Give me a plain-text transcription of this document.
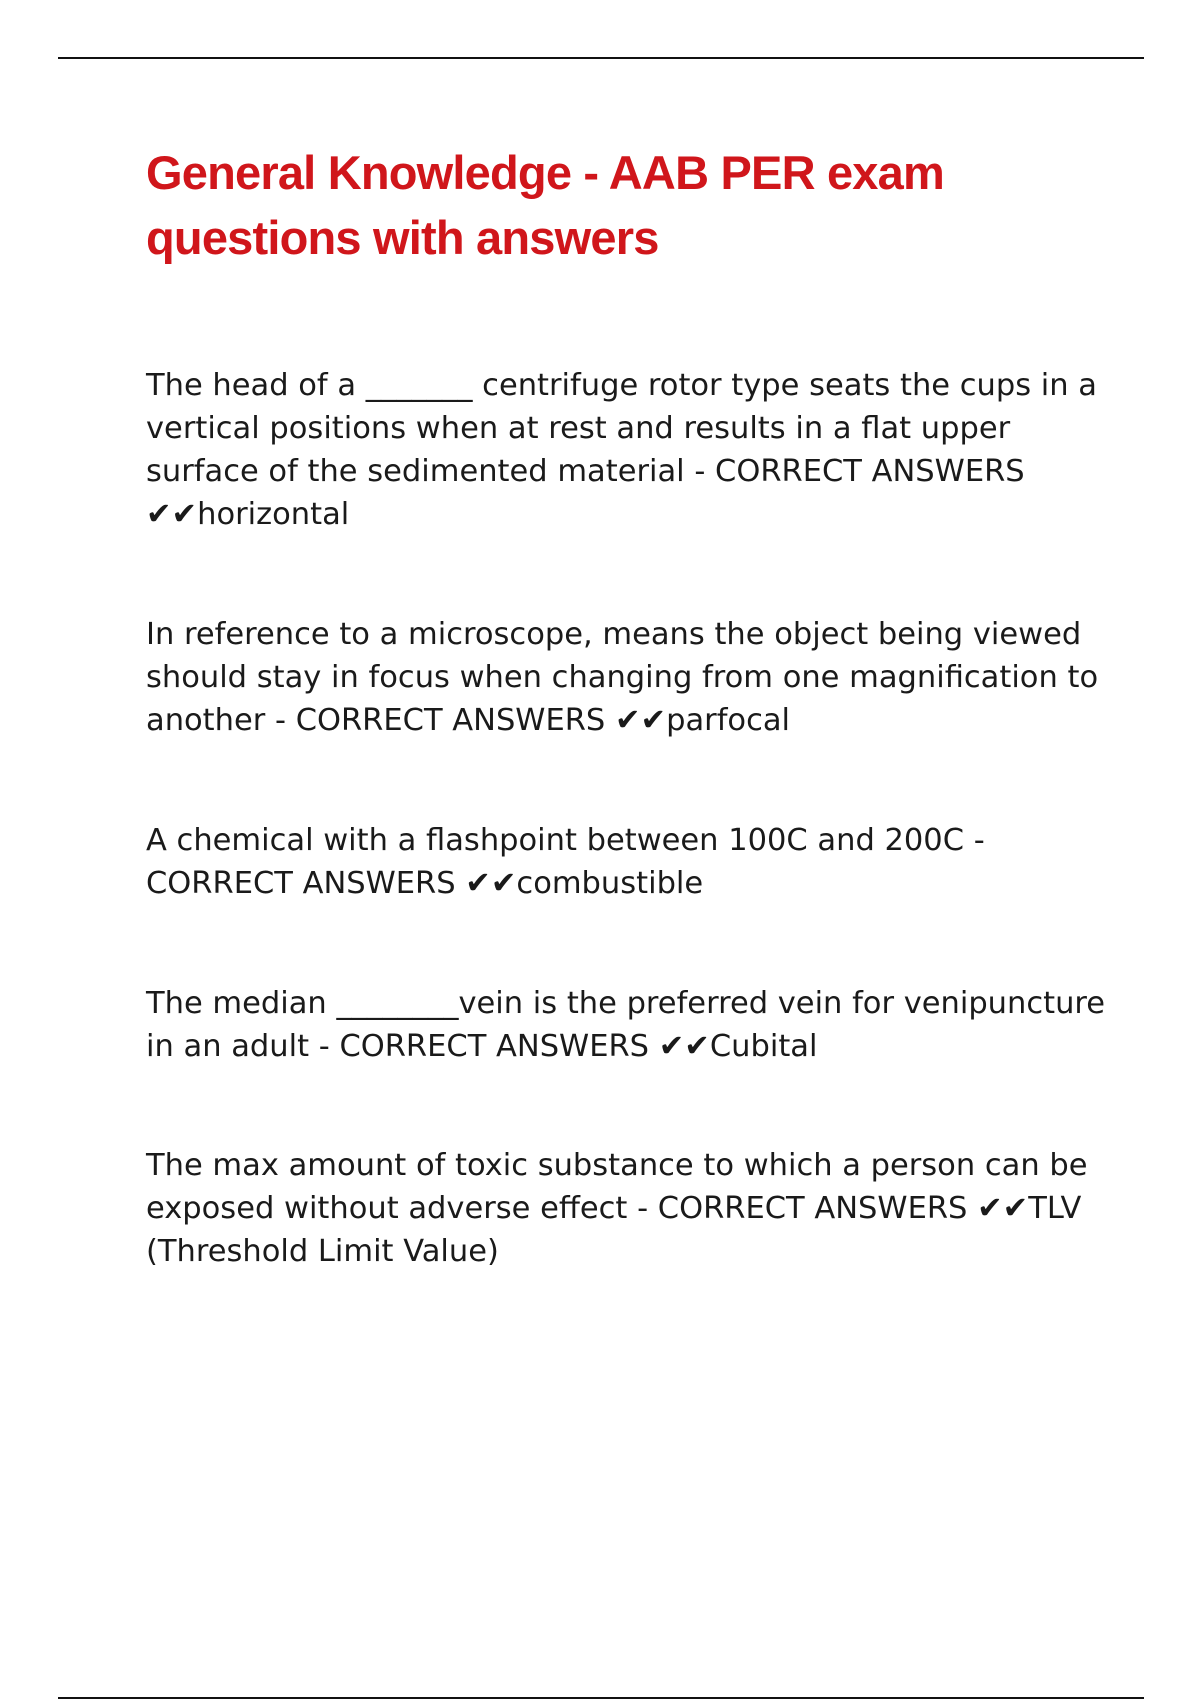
General Knowledge - AAB PER exam questions with answers
The head of a _______ centrifuge rotor type seats the cups in a vertical positions when at rest and results in a flat upper surface of the sedimented material - CORRECT ANSWERS ✔✔horizontal
In reference to a microscope, means the object being viewed should stay in focus when changing from one magnification to another - CORRECT ANSWERS ✔✔parfocal
A chemical with a flashpoint between 100C and 200C - CORRECT ANSWERS ✔✔combustible
The median ________vein is the preferred vein for venipuncture in an adult - CORRECT ANSWERS ✔✔Cubital
The max amount of toxic substance to which a person can be exposed without adverse effect - CORRECT ANSWERS ✔✔TLV (Threshold Limit Value)
